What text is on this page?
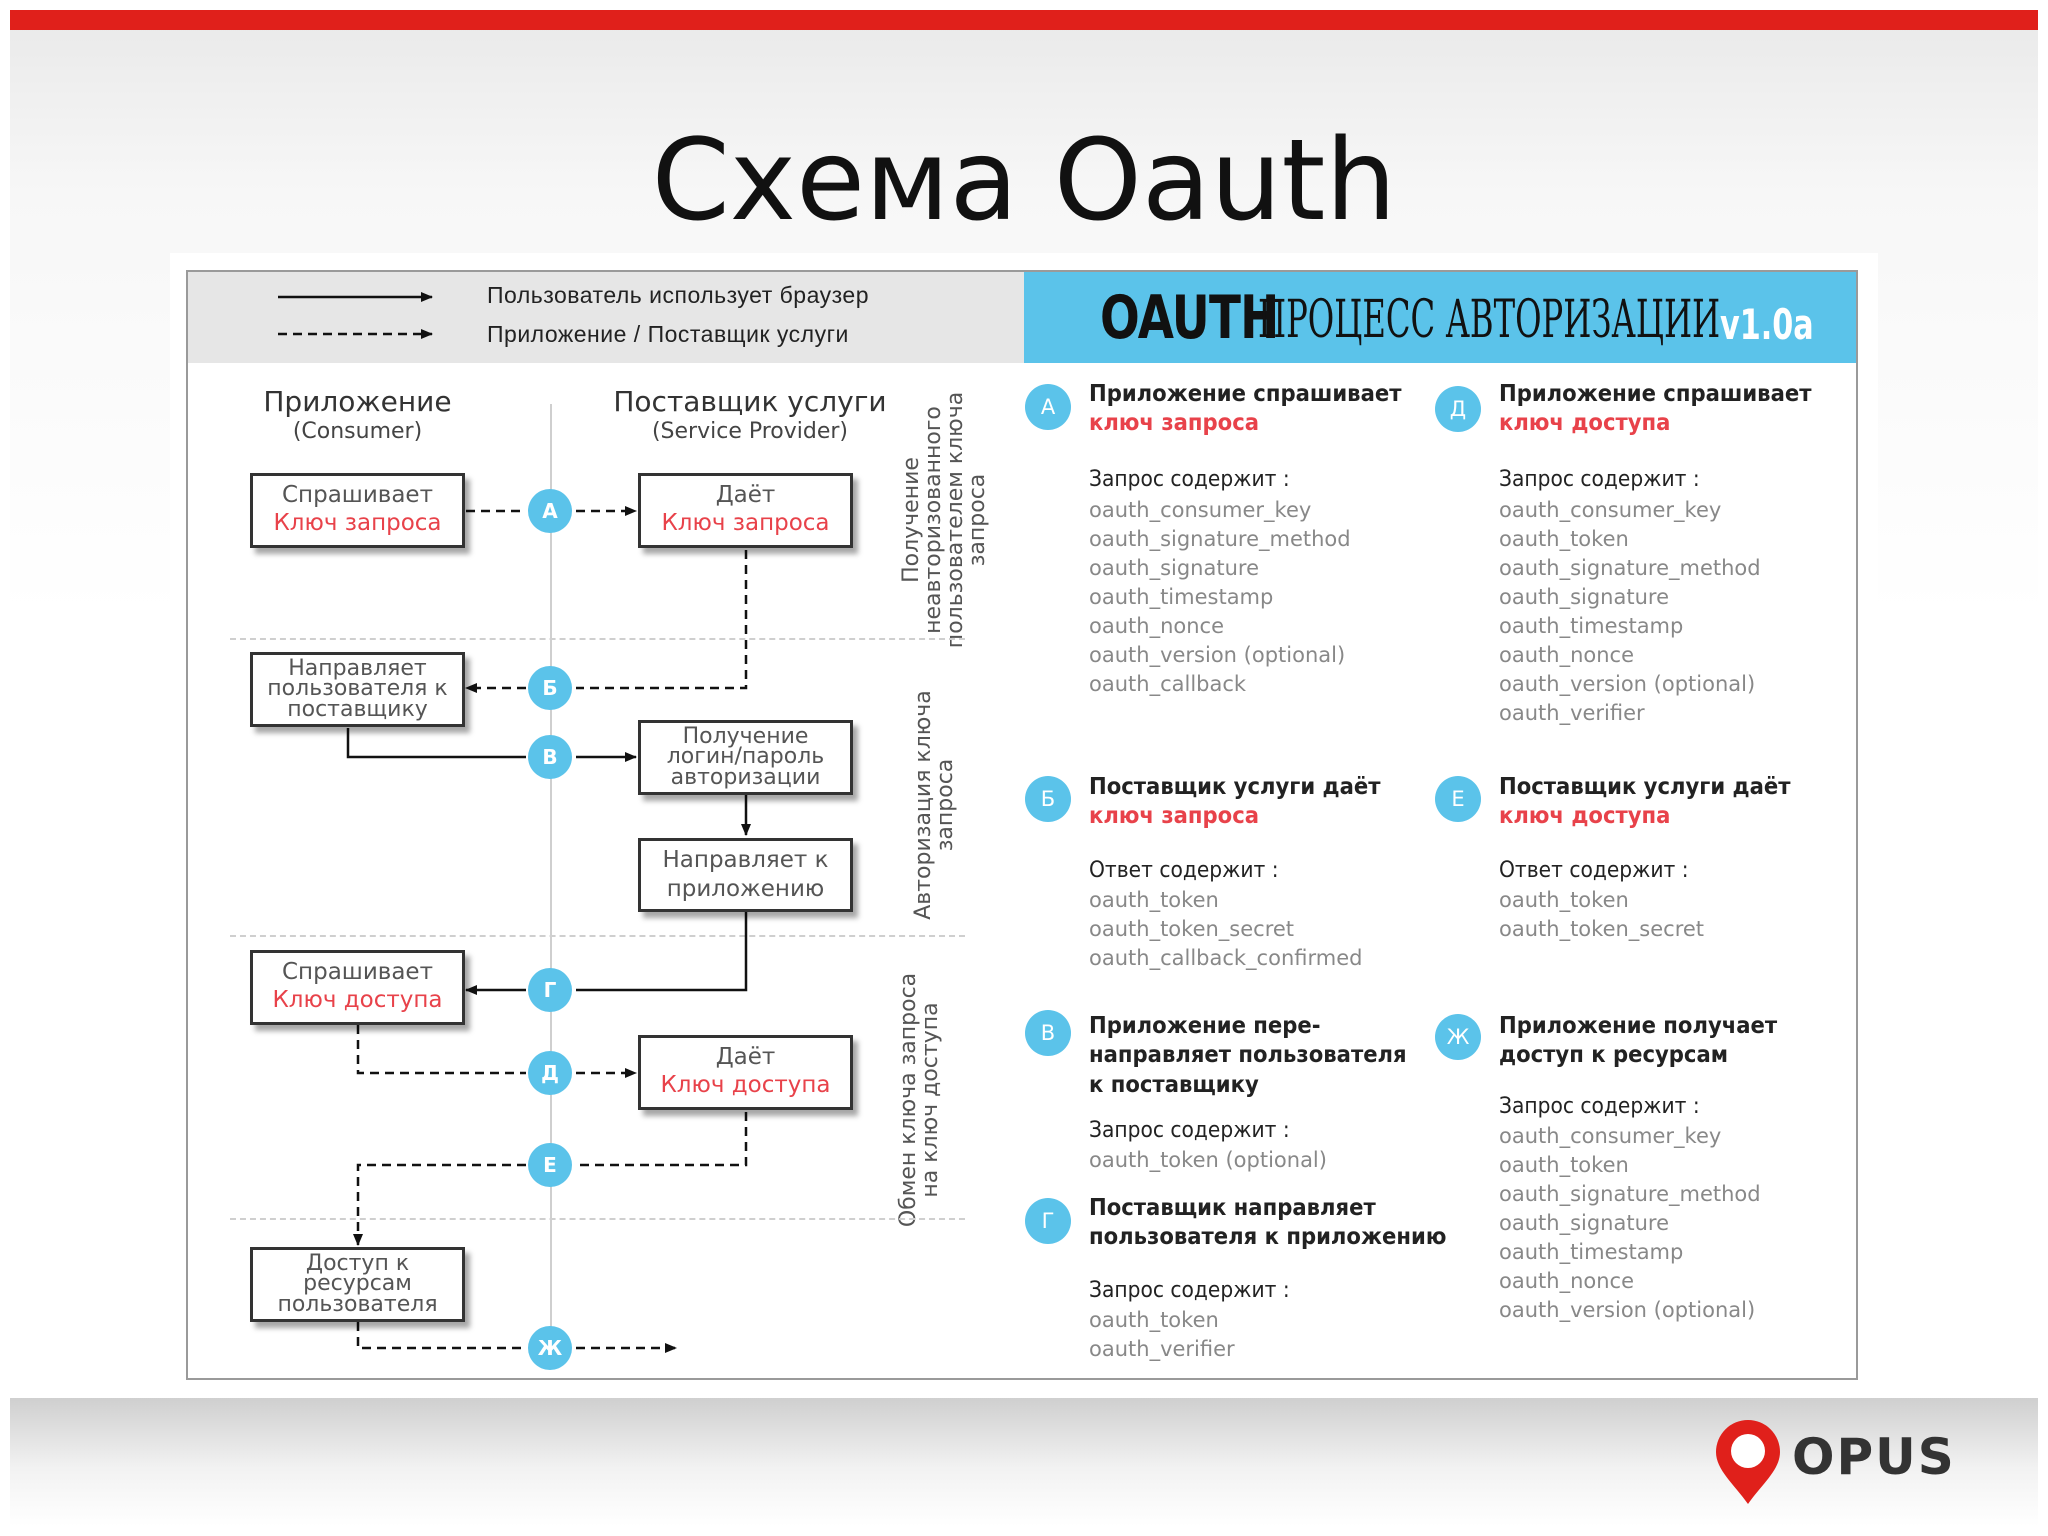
Схема Oauth
Пользователь использует браузер
Приложение / Поставщик услуги	OAUTH
ПРОЦЕСС АВТОРИЗАЦИИ v1.0a
Приложение
(Consumer)
Поставщик услуги
(Service Provider)
Получение
неавторизованного
пользователем ключа
запроса
Авторизация ключа
запроса
Обмен ключа запроса
на ключ доступа
Спрашивает
Ключ запроса
Даёт
Ключ запроса
Направляет
пользователя к
поставщику
Получение
логин/пароль
авторизации
Направляет к
приложению
Спрашивает
Ключ доступа
Даёт
Ключ доступа
Доступ к
ресурсам
пользователя
А
Б
В
Г
Д
Е
Ж
А	Приложение спрашивает
ключ запроса
Запрос содержит :
oauth_consumer_key
oauth_signature_method
oauth_signature
oauth_timestamp
oauth_nonce
oauth_version (optional)
oauth_callback
Б	Поставщик услуги даёт
ключ запроса
Ответ содержит :
oauth_token
oauth_token_secret
oauth_callback_confirmed
В	Приложение пере-
направляет пользователя
к поставщику
Запрос содержит :
oauth_token (optional)
Г	Поставщик направляет
пользователя к приложению
Запрос содержит :
oauth_token
oauth_verifier
Д
Приложение спрашивает
ключ доступа
Запрос содержит :
oauth_consumer_key
oauth_token
oauth_signature_method
oauth_signature
oauth_timestamp
oauth_nonce
oauth_version (optional)
oauth_verifier
Е	Поставщик услуги даёт
ключ доступа
Ответ содержит :
oauth_token
oauth_token_secret
Ж	Приложение получает
доступ к ресурсам
Запрос содержит :
oauth_consumer_key
oauth_token
oauth_signature_method
oauth_signature
oauth_timestamp
oauth_nonce
oauth_version (optional)
OPUS
